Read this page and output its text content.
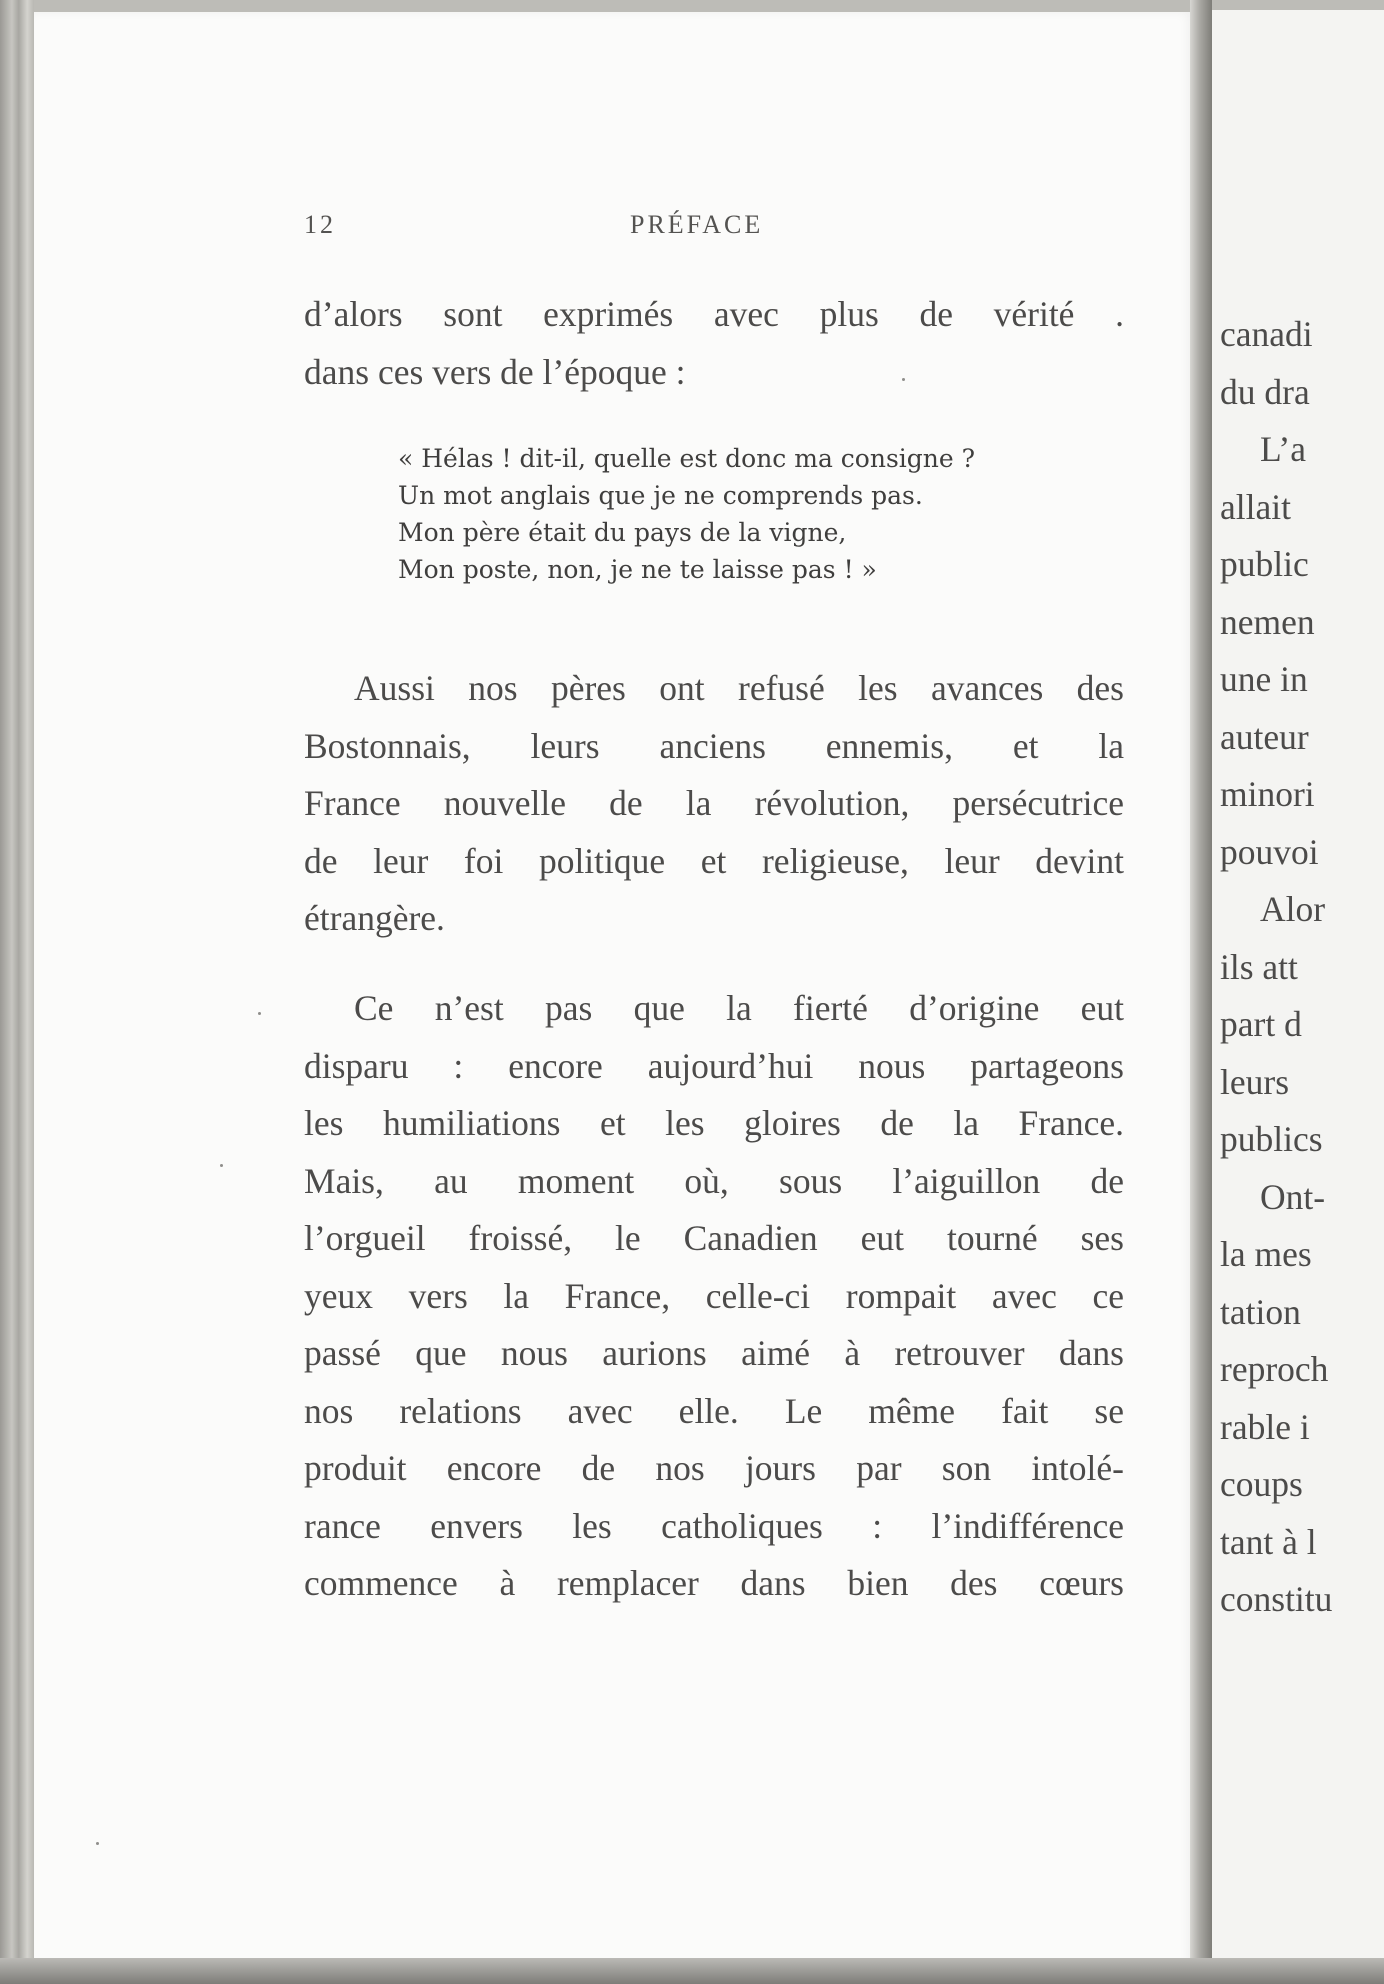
12	PRÉFACE
d’alors sont exprimés avec plus de vérité .
dans ces vers de l’époque :
« Hélas ! dit-il, quelle est donc ma consigne ?
Un mot anglais que je ne comprends pas.
Mon père était du pays de la vigne,
Mon poste, non, je ne te laisse pas ! »
Aussi nos pères ont refusé les avances des
Bostonnais, leurs anciens ennemis, et la
France nouvelle de la révolution, persécutrice
de leur foi politique et religieuse, leur devint
étrangère.
Ce n’est pas que la fierté d’origine eut
disparu : encore aujourd’hui nous partageons
les humiliations et les gloires de la France.
Mais, au moment où, sous l’aiguillon de
l’orgueil froissé, le Canadien eut tourné ses
yeux vers la France, celle-ci rompait avec ce
passé que nous aurions aimé à retrouver dans
nos relations avec elle. Le même fait se
produit encore de nos jours par son intolé-
rance envers les catholiques : l’indifférence
commence à remplacer dans bien des cœurs
canadi
du dra
L’a
allait
public
nemen
une in
auteur
minori
pouvoi
Alor
ils att
part d
leurs
publics
Ont-
la mes
tation
reproch
rable i
coups
tant à l
constitu
